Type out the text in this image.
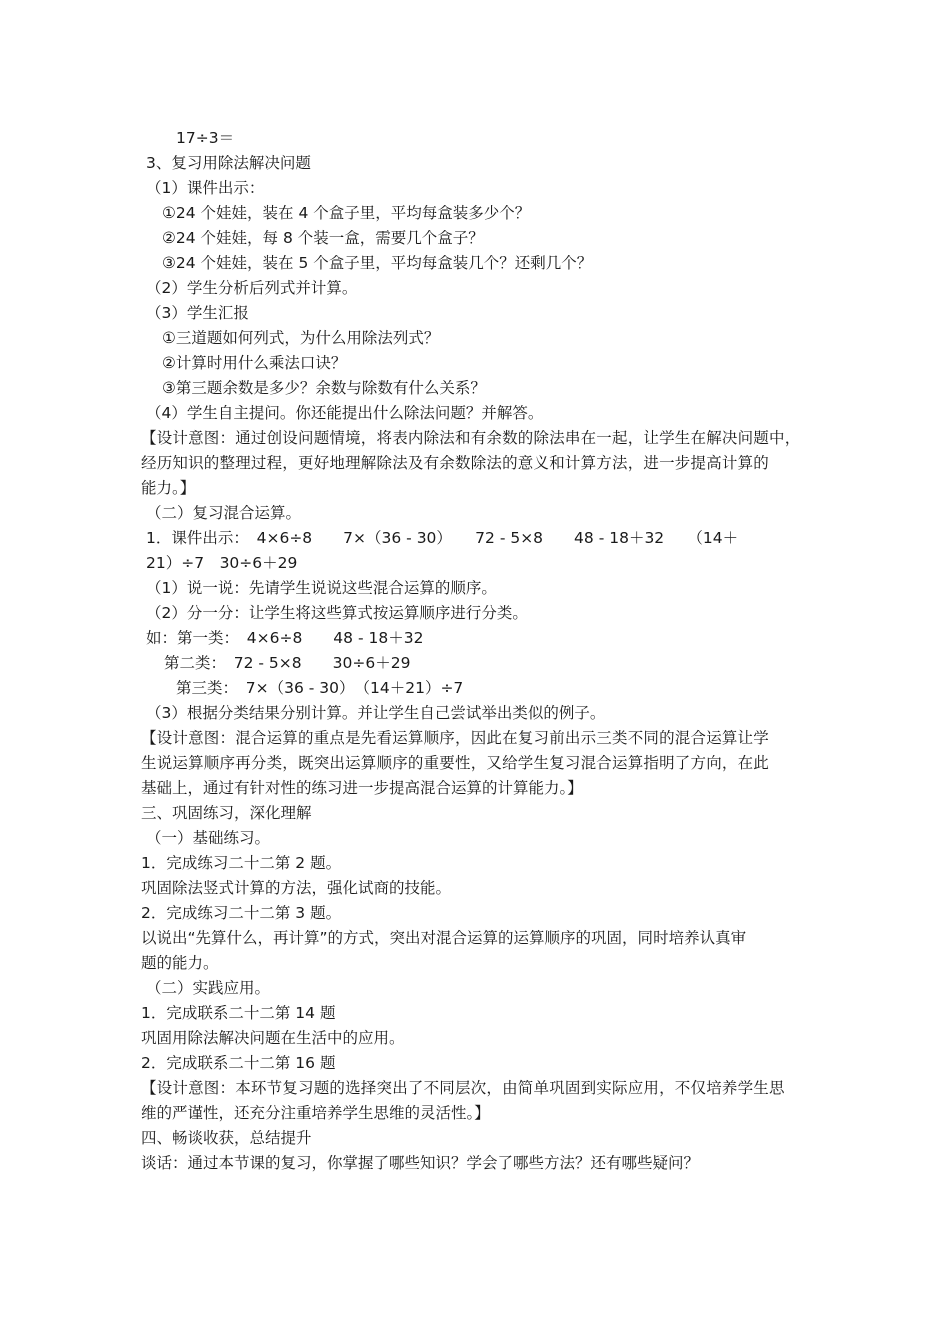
17÷3＝
3、复习用除法解决问题
（1）课件出示：
①24 个娃娃，装在 4 个盒子里，平均每盒装多少个？
②24 个娃娃，每 8 个装一盒，需要几个盒子？
③24 个娃娃，装在 5 个盒子里，平均每盒装几个？还剩几个？
（2）学生分析后列式并计算。
（3）学生汇报
①三道题如何列式，为什么用除法列式？
②计算时用什么乘法口诀？
③第三题余数是多少？余数与除数有什么关系？
（4）学生自主提问。你还能提出什么除法问题？并解答。
【设计意图：通过创设问题情境，将表内除法和有余数的除法串在一起，让学生在解决问题中，
经历知识的整理过程，更好地理解除法及有余数除法的意义和计算方法，进一步提高计算的
能力。】
（二）复习混合运算。
1．课件出示：　4×6÷8　　7×（36 - 30）　　72 - 5×8　　48 - 18＋32　　（14＋
21）÷7　30÷6＋29
（1）说一说：先请学生说说这些混合运算的顺序。
（2）分一分：让学生将这些算式按运算顺序进行分类。
如：第一类：　4×6÷8　　48 - 18＋32
第二类：　72 - 5×8　　30÷6＋29
第三类：　7×（36 - 30）　（14＋21）÷7
（3）根据分类结果分别计算。并让学生自己尝试举出类似的例子。
【设计意图：混合运算的重点是先看运算顺序，因此在复习前出示三类不同的混合运算让学
生说运算顺序再分类，既突出运算顺序的重要性，又给学生复习混合运算指明了方向，在此
基础上，通过有针对性的练习进一步提高混合运算的计算能力。】
三、巩固练习，深化理解
（一）基础练习。
1．完成练习二十二第 2 题。
巩固除法竖式计算的方法，强化试商的技能。
2．完成练习二十二第 3 题。
以说出“先算什么，再计算”的方式，突出对混合运算的运算顺序的巩固，同时培养认真审
题的能力。
（二）实践应用。
1．完成联系二十二第 14 题
巩固用除法解决问题在生活中的应用。
2．完成联系二十二第 16 题
【设计意图：本环节复习题的选择突出了不同层次，由简单巩固到实际应用，不仅培养学生思
维的严谨性，还充分注重培养学生思维的灵活性。】
四、畅谈收获，总结提升
谈话：通过本节课的复习，你掌握了哪些知识？学会了哪些方法？还有哪些疑问？
